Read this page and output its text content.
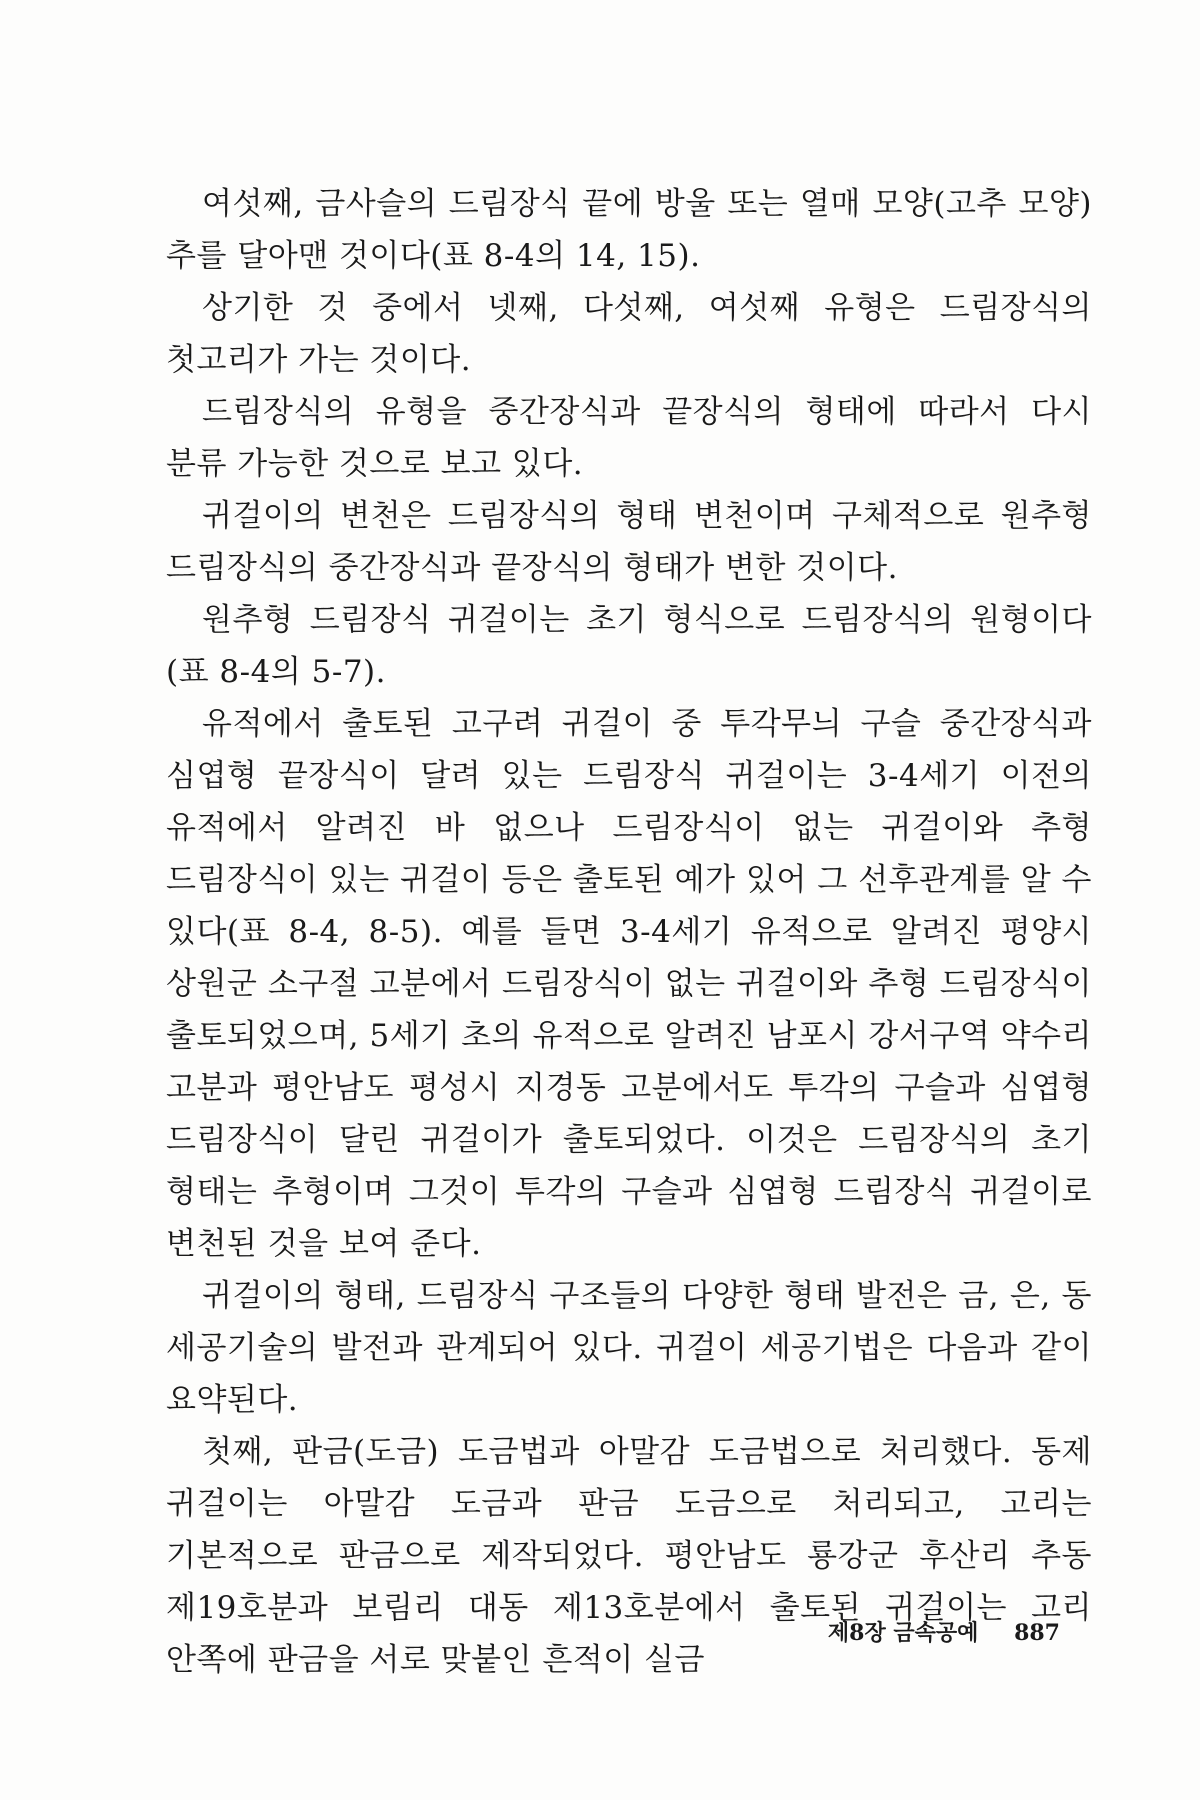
여섯째, 금사슬의 드림장식 끝에 방울 또는 열매 모양(고추 모양) 추를 달아맨 것이다(표 8-4의 14, 15).

상기한 것 중에서 넷째, 다섯째, 여섯째 유형은 드림장식의 첫고리가 가는 것이다.

드림장식의 유형을 중간장식과 끝장식의 형태에 따라서 다시 분류 가능한 것으로 보고 있다.

귀걸이의 변천은 드림장식의 형태 변천이며 구체적으로 원추형 드림장식의 중간장식과 끝장식의 형태가 변한 것이다.

원추형 드림장식 귀걸이는 초기 형식으로 드림장식의 원형이다(표 8-4의 5-7).

유적에서 출토된 고구려 귀걸이 중 투각무늬 구슬 중간장식과 심엽형 끝장식이 달려 있는 드림장식 귀걸이는 3-4세기 이전의 유적에서 알려진 바 없으나 드림장식이 없는 귀걸이와 추형 드림장식이 있는 귀걸이 등은 출토된 예가 있어 그 선후관계를 알 수 있다(표 8-4, 8-5). 예를 들면 3-4세기 유적으로 알려진 평양시 상원군 소구절 고분에서 드림장식이 없는 귀걸이와 추형 드림장식이 출토되었으며, 5세기 초의 유적으로 알려진 남포시 강서구역 약수리 고분과 평안남도 평성시 지경동 고분에서도 투각의 구슬과 심엽형 드림장식이 달린 귀걸이가 출토되었다. 이것은 드림장식의 초기 형태는 추형이며 그것이 투각의 구슬과 심엽형 드림장식 귀걸이로 변천된 것을 보여 준다.

귀걸이의 형태, 드림장식 구조들의 다양한 형태 발전은 금, 은, 동 세공기술의 발전과 관계되어 있다. 귀걸이 세공기법은 다음과 같이 요약된다.

첫째, 판금(도금) 도금법과 아말감 도금법으로 처리했다. 동제 귀걸이는 아말감 도금과 판금 도금으로 처리되고, 고리는 기본적으로 판금으로 제작되었다. 평안남도 룡강군 후산리 추동 제19호분과 보림리 대동 제13호분에서 출토된 귀걸이는 고리 안쪽에 판금을 서로 맞붙인 흔적이 실금

제8장 금속공예 887
